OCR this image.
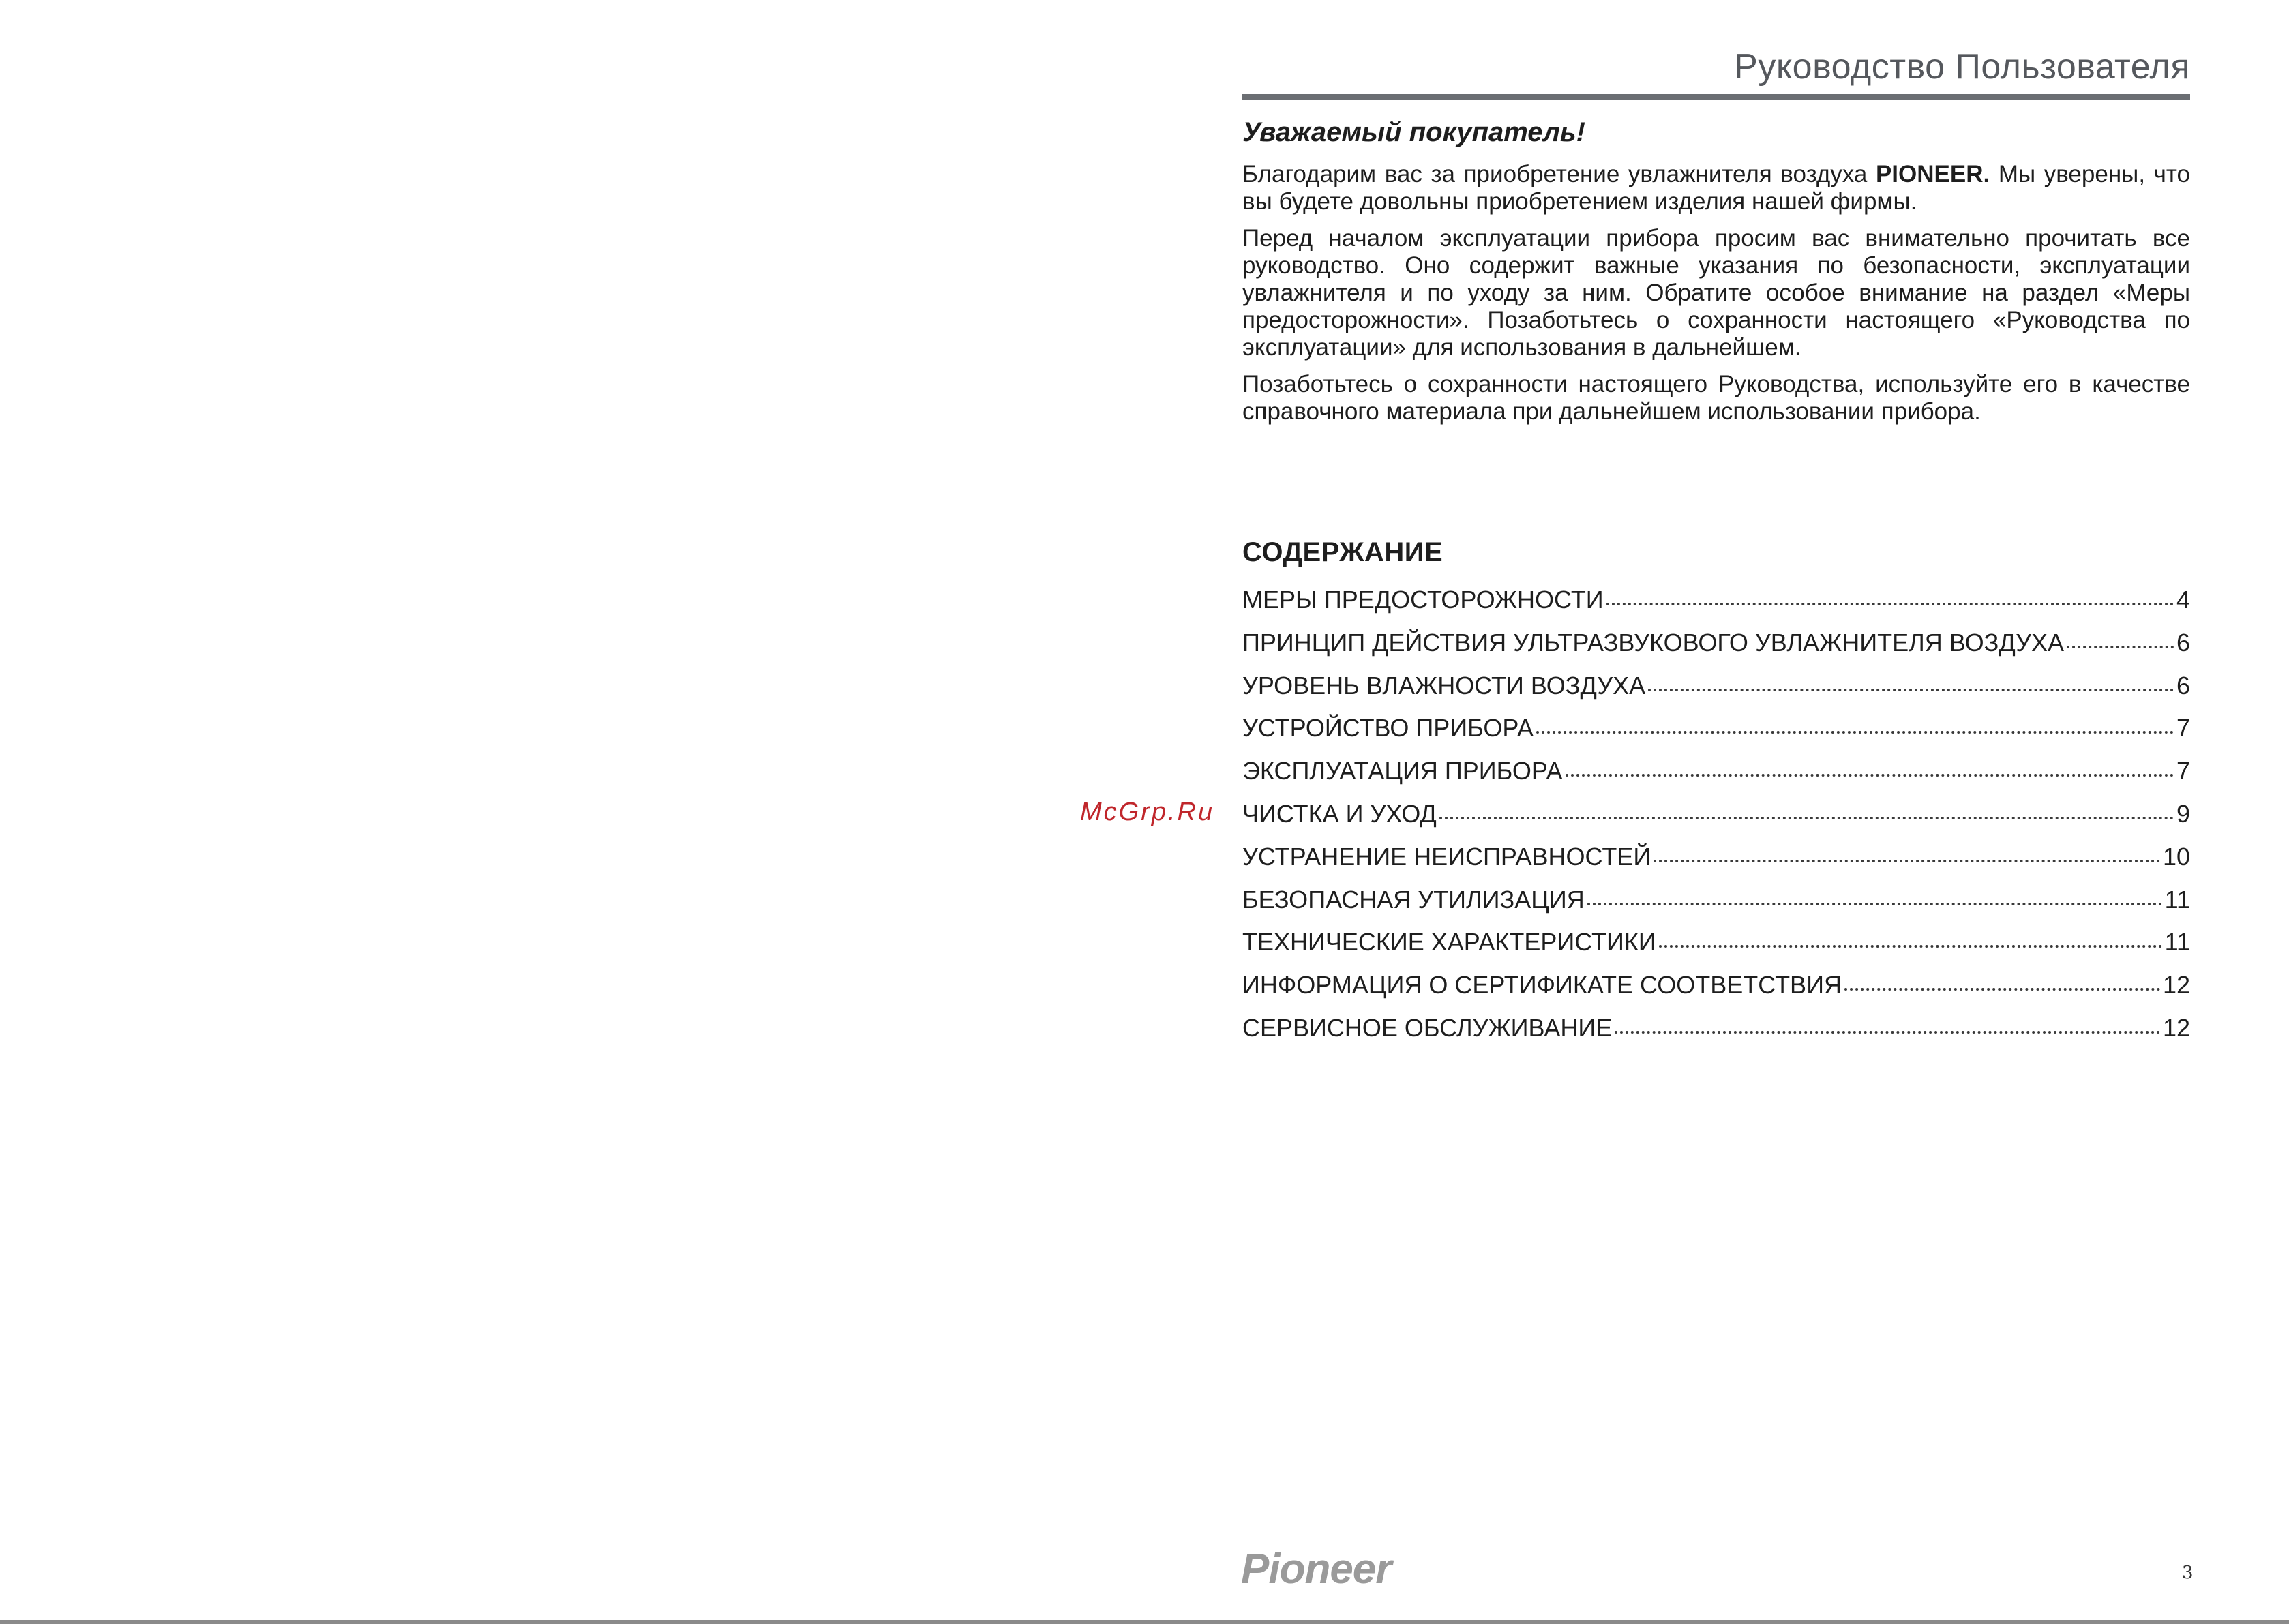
Руководство Пользователя
Уважаемый покупатель!

Благодарим вас за приобретение увлажнителя воздуха PIONEER. Мы уверены, что вы будете довольны приобретением изделия нашей фирмы.

Перед началом эксплуатации прибора просим вас внимательно прочитать все руководство. Оно содержит важные указания по безопасности, эксплуатации увлажнителя и по уходу за ним. Обратите особое внимание на раздел «Меры предосторожности». Позаботьтесь о сохранности настоящего «Руководства по эксплуатации» для использования в дальнейшем.

Позаботьтесь о сохранности настоящего Руководства, используйте его в качестве справочного материала при дальнейшем использовании прибора.

СОДЕРЖАНИЕ
МЕРЫ ПРЕДОСТОРОЖНОСТИ	4
ПРИНЦИП ДЕЙСТВИЯ УЛЬТРАЗВУКОВОГО УВЛАЖНИТЕЛЯ ВОЗДУХА	6
УРОВЕНЬ ВЛАЖНОСТИ ВОЗДУХА	6
УСТРОЙСТВО ПРИБОРА	7
ЭКСПЛУАТАЦИЯ ПРИБОРА	7
ЧИСТКА И УХОД	9
УСТРАНЕНИЕ НЕИСПРАВНОСТЕЙ	10
БЕЗОПАСНАЯ УТИЛИЗАЦИЯ	11
ТЕХНИЧЕСКИЕ ХАРАКТЕРИСТИКИ	11
ИНФОРМАЦИЯ О СЕРТИФИКАТЕ СООТВЕТСТВИЯ	12
СЕРВИСНОЕ ОБСЛУЖИВАНИЕ	12
McGrp.Ru
Pioneer	3
